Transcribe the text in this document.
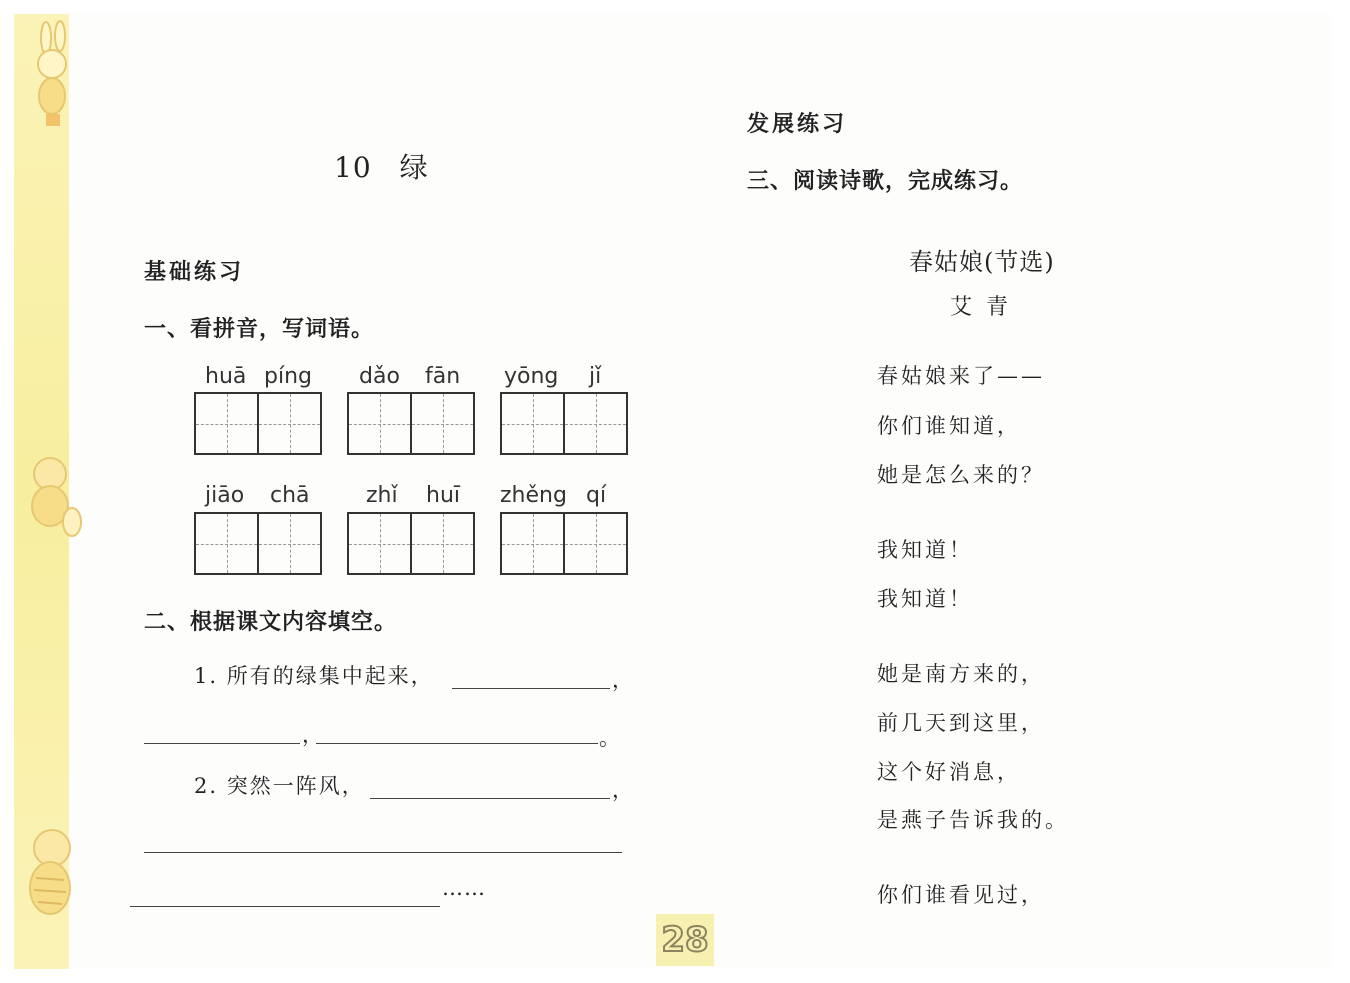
10 绿
基础练习
一、看拼音，写词语。
huā píng dǎo fān yōng jǐ
jiāo chā	zhǐ huī zhěng qí
二、根据课文内容填空。
1. 所有的绿集中起来，	，
，	。
2. 突然一阵风，	，
……
发展练习
三、阅读诗歌，完成练习。
春姑娘(节选)
艾  青
春姑娘来了——
你们谁知道，
她是怎么来的？
我知道！
我知道！
她是南方来的，
前几天到这里，
这个好消息，
是燕子告诉我的。
你们谁看见过，
28
